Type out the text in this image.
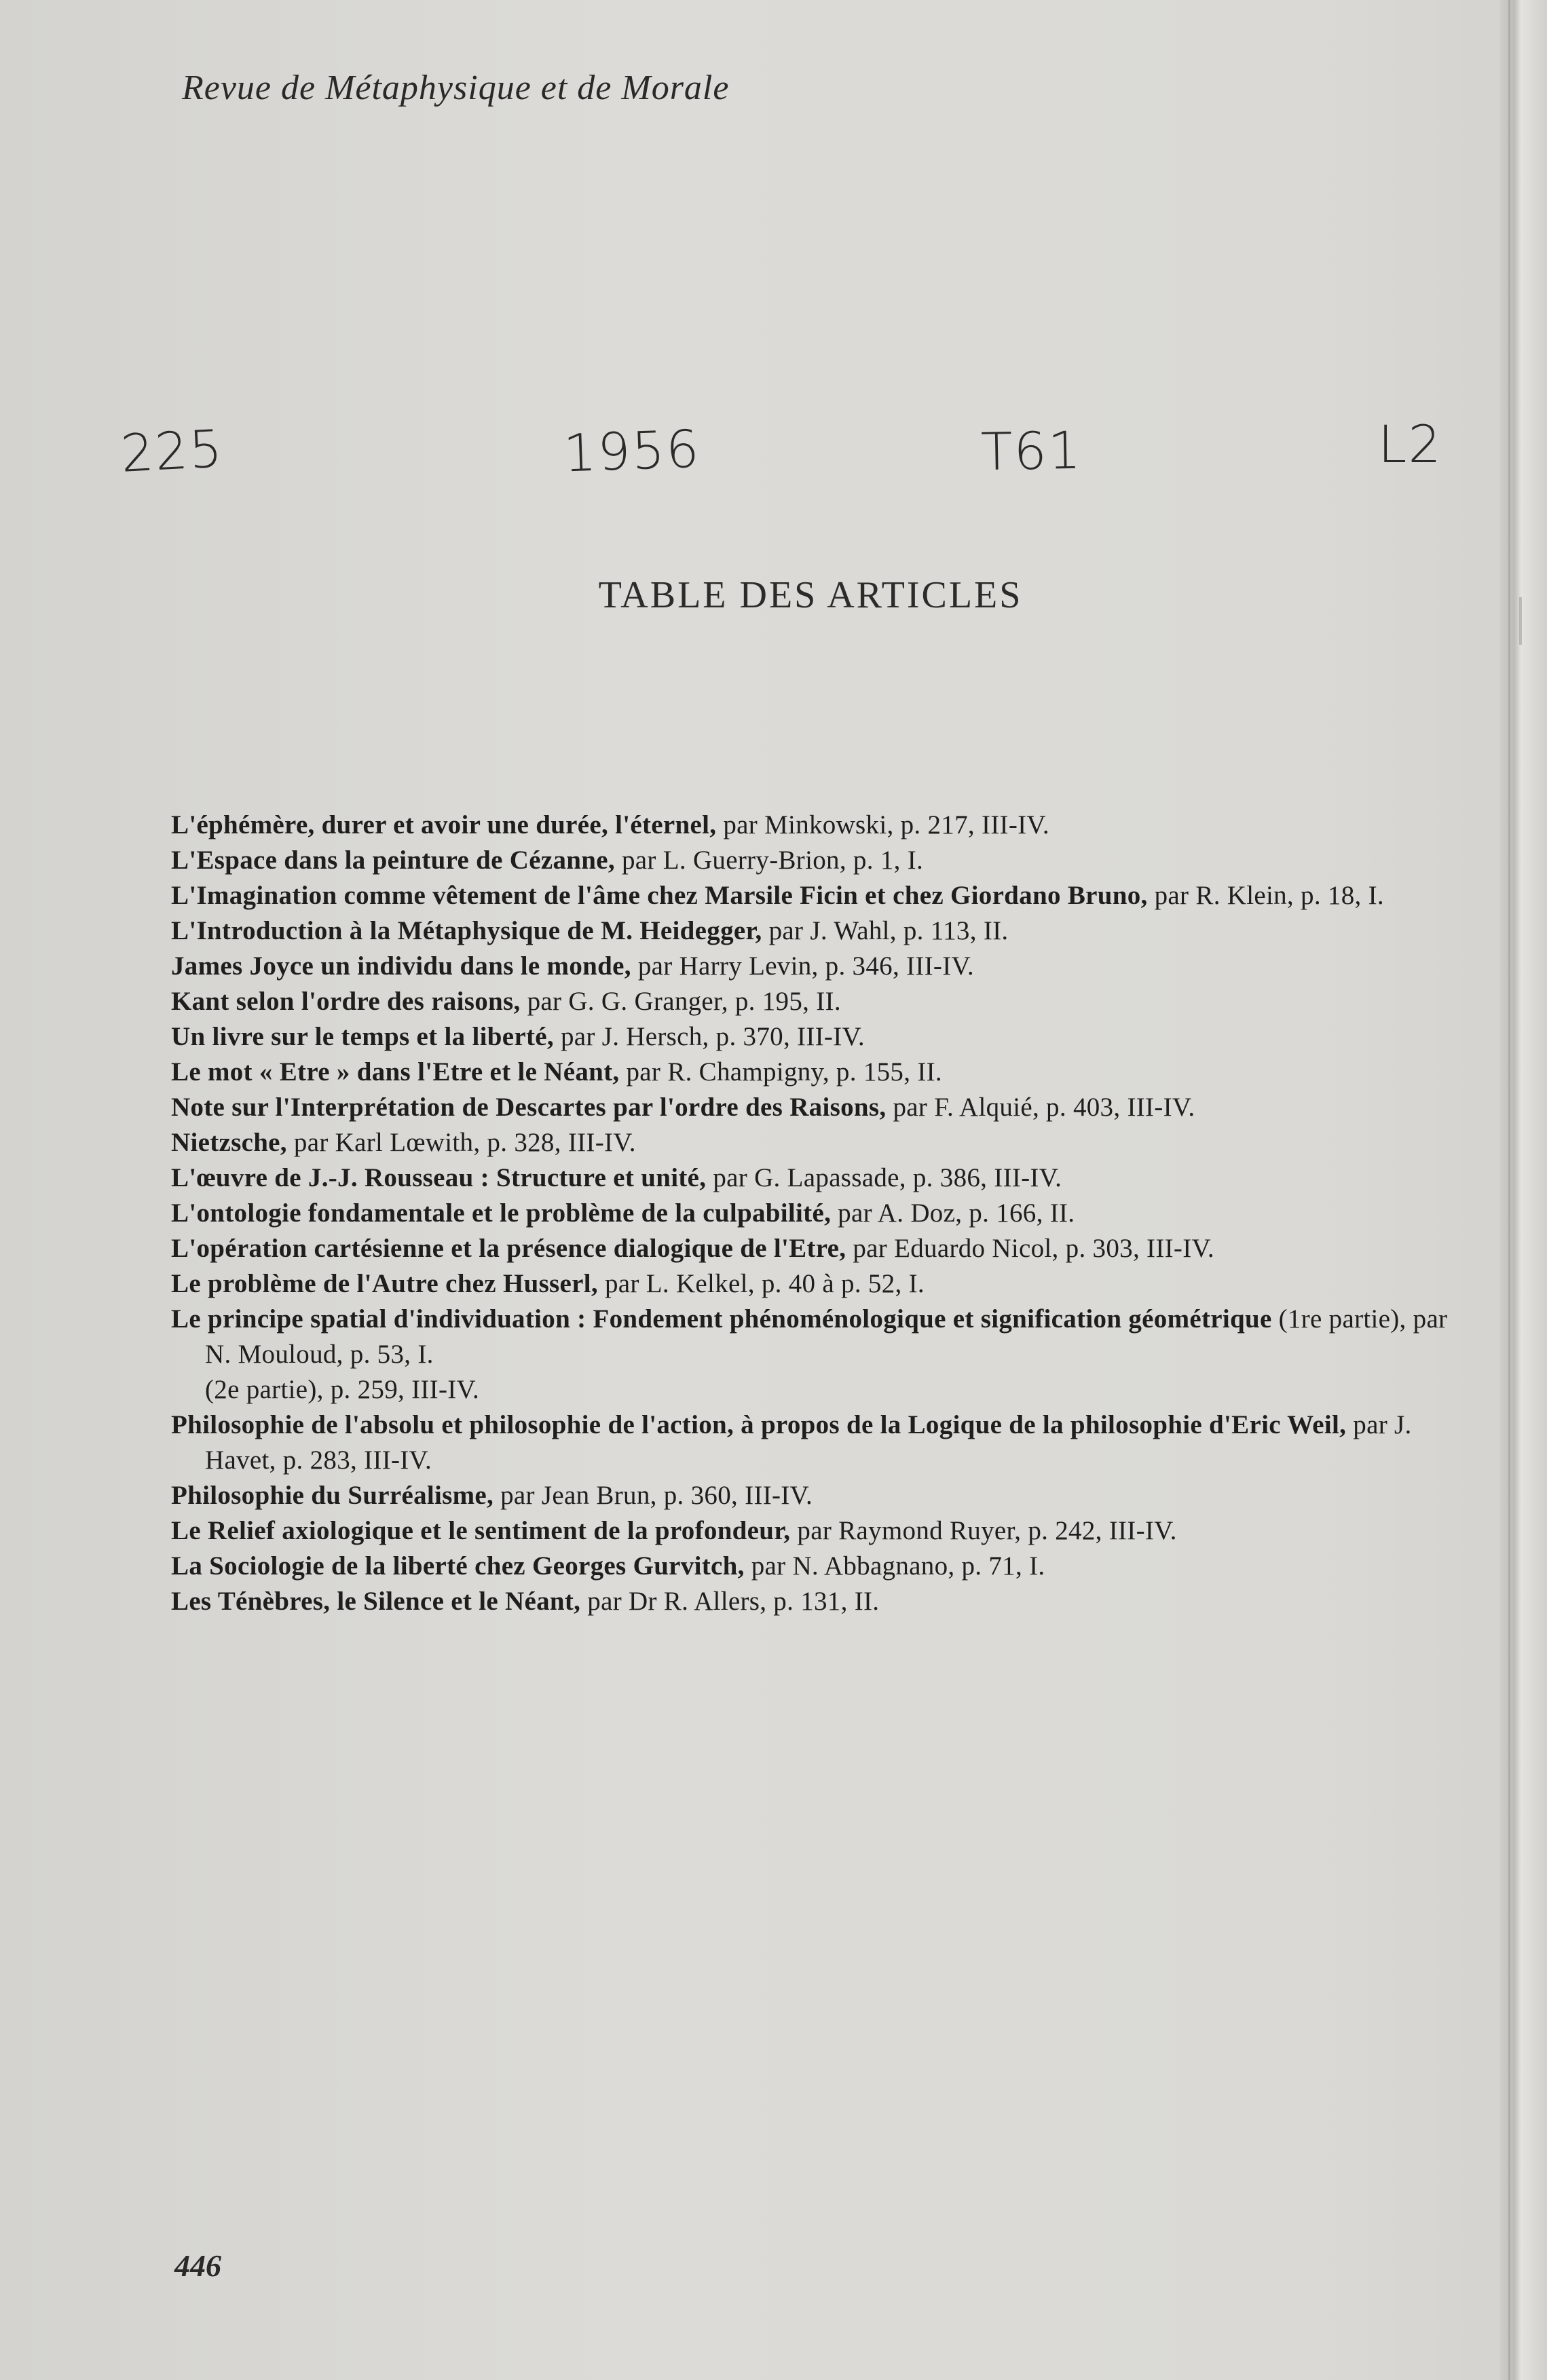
Revue de Métaphysique et de Morale
225	1956	T61	L2
TABLE DES ARTICLES

L'éphémère, durer et avoir une durée, l'éternel, par Minkowski, p. 217, III-IV.

L'Espace dans la peinture de Cézanne, par L. Guerry-Brion, p. 1, I.

L'Imagination comme vêtement de l'âme chez Marsile Ficin et chez Giordano Bruno, par R. Klein, p. 18, I.

L'Introduction à la Métaphysique de M. Heidegger, par J. Wahl, p. 113, II.

James Joyce un individu dans le monde, par Harry Levin, p. 346, III-IV.

Kant selon l'ordre des raisons, par G. G. Granger, p. 195, II.

Un livre sur le temps et la liberté, par J. Hersch, p. 370, III-IV.

Le mot « Etre » dans l'Etre et le Néant, par R. Champigny, p. 155, II.

Note sur l'Interprétation de Descartes par l'ordre des Raisons, par F. Alquié, p. 403, III-IV.

Nietzsche, par Karl Lœwith, p. 328, III-IV.

L'œuvre de J.-J. Rousseau : Structure et unité, par G. Lapassade, p. 386, III-IV.

L'ontologie fondamentale et le problème de la culpabilité, par A. Doz, p. 166, II.

L'opération cartésienne et la présence dialogique de l'Etre, par Eduardo Nicol, p. 303, III-IV.

Le problème de l'Autre chez Husserl, par L. Kelkel, p. 40 à p. 52, I.

Le principe spatial d'individuation : Fondement phénoménologique et signification géométrique (1re partie), par N. Mouloud, p. 53, I.

(2e partie), p. 259, III-IV.

Philosophie de l'absolu et philosophie de l'action, à propos de la Logique de la philosophie d'Eric Weil, par J. Havet, p. 283, III-IV.

Philosophie du Surréalisme, par Jean Brun, p. 360, III-IV.

Le Relief axiologique et le sentiment de la profondeur, par Raymond Ruyer, p. 242, III-IV.

La Sociologie de la liberté chez Georges Gurvitch, par N. Abbagnano, p. 71, I.

Les Ténèbres, le Silence et le Néant, par Dr R. Allers, p. 131, II.

446
